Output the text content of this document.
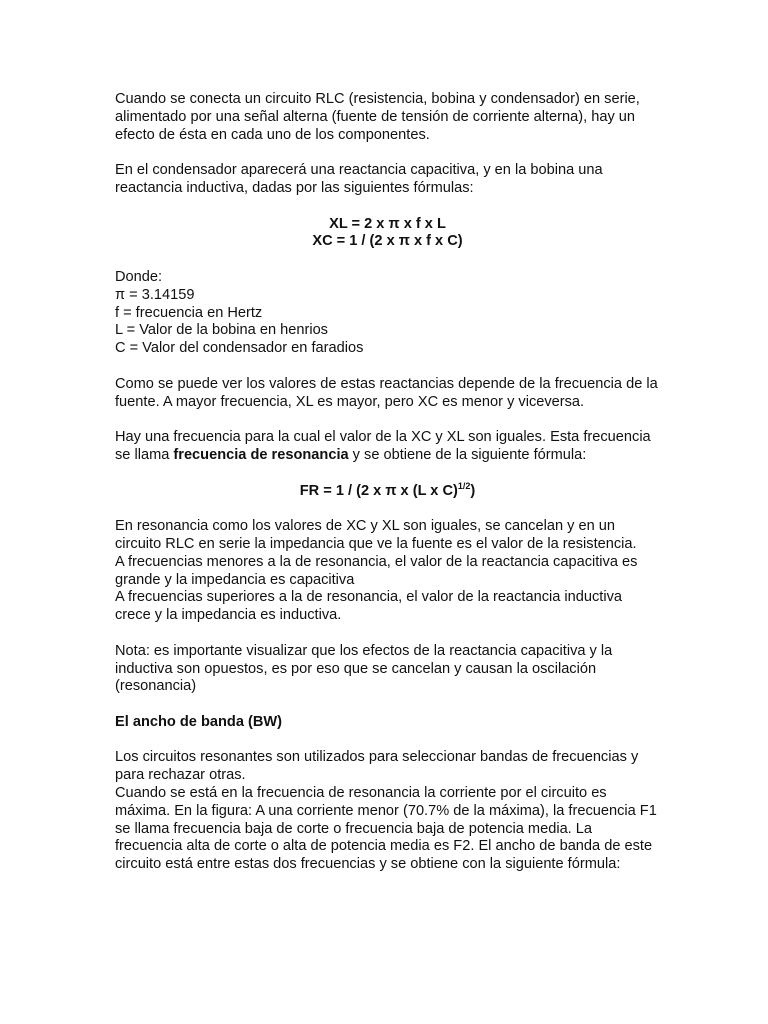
Cuando se conecta un circuito RLC (resistencia, bobina y condensador) en serie, alimentado por una señal alterna (fuente de tensión de corriente alterna), hay un efecto de ésta en cada uno de los componentes.

En el condensador aparecerá una reactancia capacitiva, y en la bobina una reactancia inductiva, dadas por las siguientes fórmulas:

XL = 2 x π x f x L
XC = 1 / (2 x π x f x C)

Donde:
π = 3.14159
f = frecuencia en Hertz
L = Valor de la bobina en henrios
C = Valor del condensador en faradios

Como se puede ver los valores de estas reactancias depende de la frecuencia de la fuente. A mayor frecuencia, XL es mayor, pero XC es menor y viceversa.

Hay una frecuencia para la cual el valor de la XC y XL son iguales. Esta frecuencia se llama frecuencia de resonancia y se obtiene de la siguiente fórmula:

FR = 1 / (2 x π x (L x C)$^{1/2}$)

En resonancia como los valores de XC y XL son iguales, se cancelan y en un circuito RLC en serie la impedancia que ve la fuente es el valor de la resistencia.
A frecuencias menores a la de resonancia, el valor de la reactancia capacitiva es grande y la impedancia es capacitiva
A frecuencias superiores a la de resonancia, el valor de la reactancia inductiva crece y la impedancia es inductiva.

Nota: es importante visualizar que los efectos de la reactancia capacitiva y la inductiva son opuestos, es por eso que se cancelan y causan la oscilación (resonancia)

El ancho de banda (BW)

Los circuitos resonantes son utilizados para seleccionar bandas de frecuencias y para rechazar otras.
Cuando se está en la frecuencia de resonancia la corriente por el circuito es máxima. En la figura: A una corriente menor (70.7% de la máxima), la frecuencia F1 se llama frecuencia baja de corte o frecuencia baja de potencia media. La frecuencia alta de corte o alta de potencia media es F2. El ancho de banda de este circuito está entre estas dos frecuencias y se obtiene con la siguiente fórmula:
